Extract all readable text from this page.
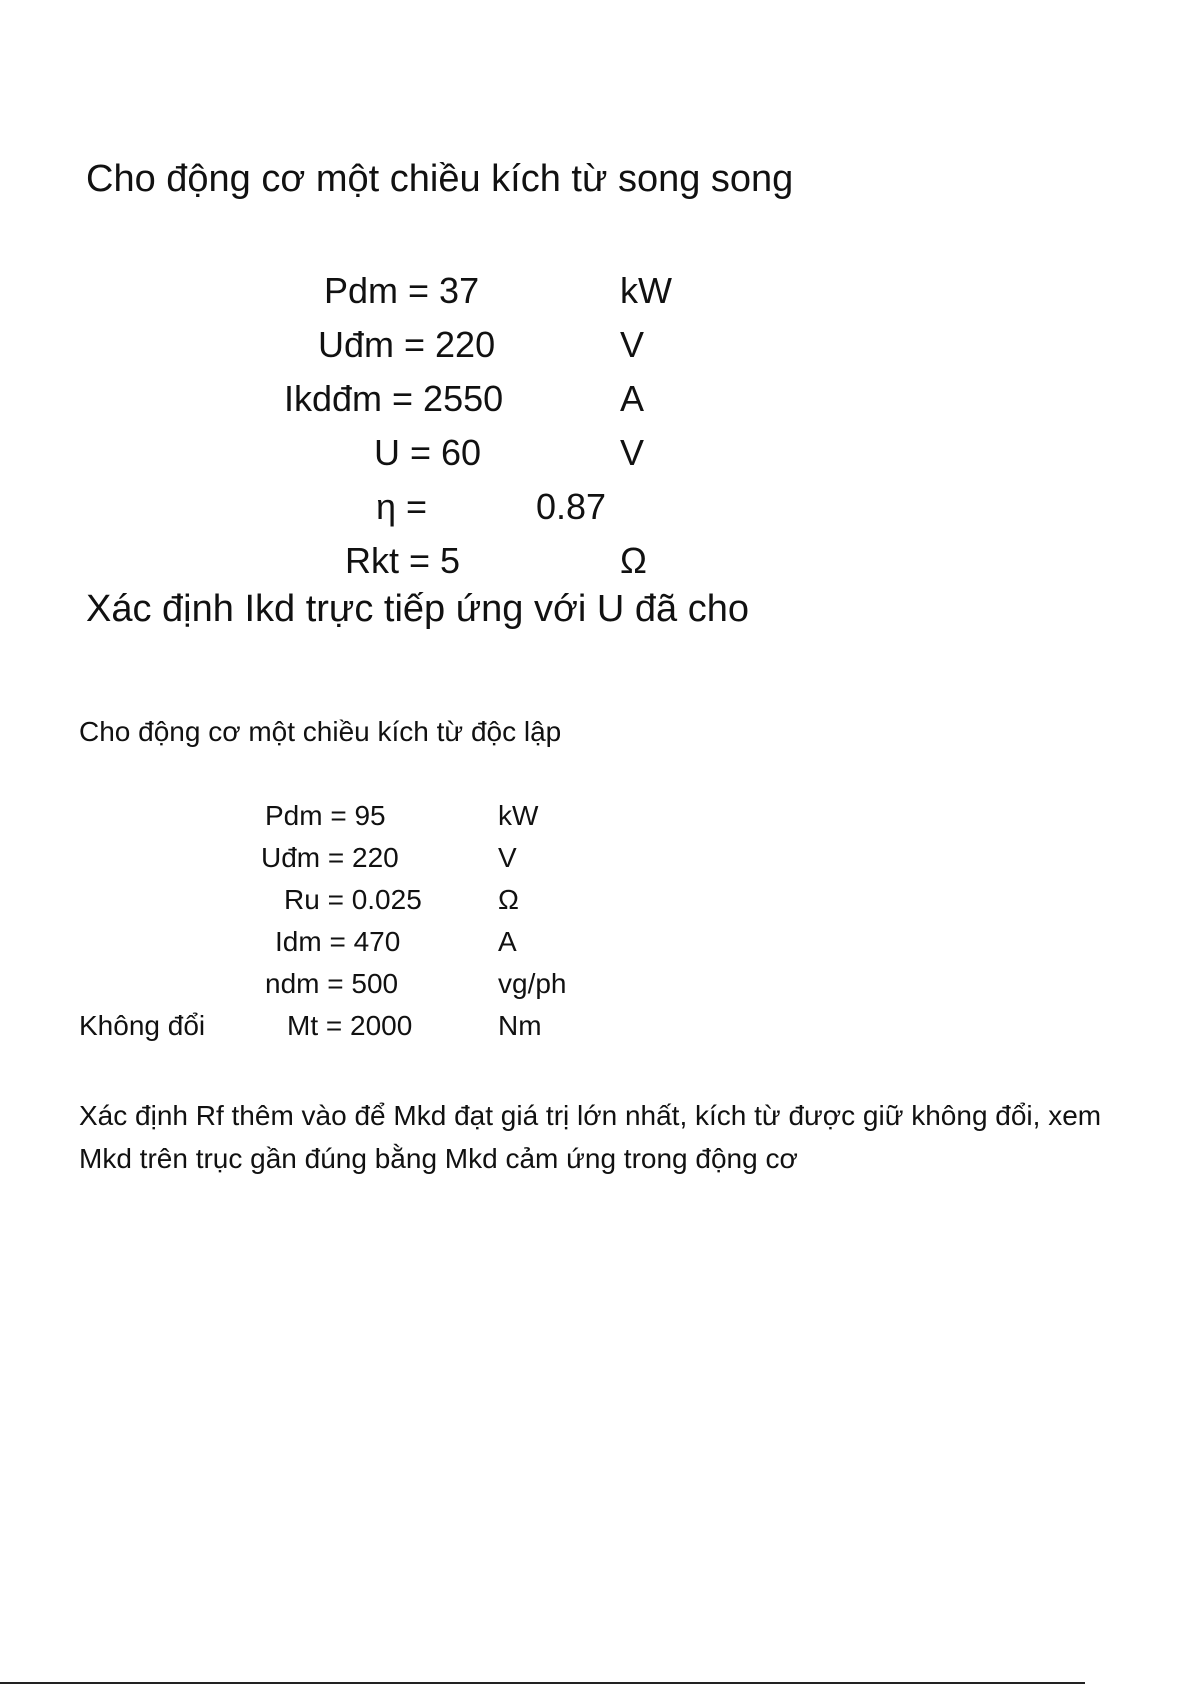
Cho động cơ một chiều kích từ song song
Pdm = 37	kW
Uđm = 220	V
Ikdđm = 2550	A
U = 60	V
η =	0.87
Rkt = 5	Ω
Xác định Ikd trực tiếp ứng với U đã cho
Cho động cơ một chiều kích từ độc lập
Pdm = 95	kW
Uđm = 220	V
Ru = 0.025	Ω
Idm = 470	A
ndm = 500	vg/ph
Không đổi	Mt = 2000	Nm
Xác định Rf thêm vào để Mkd đạt giá trị lớn nhất, kích từ được giữ không đổi, xem Mkd trên trục gần đúng bằng Mkd cảm ứng trong động cơ
